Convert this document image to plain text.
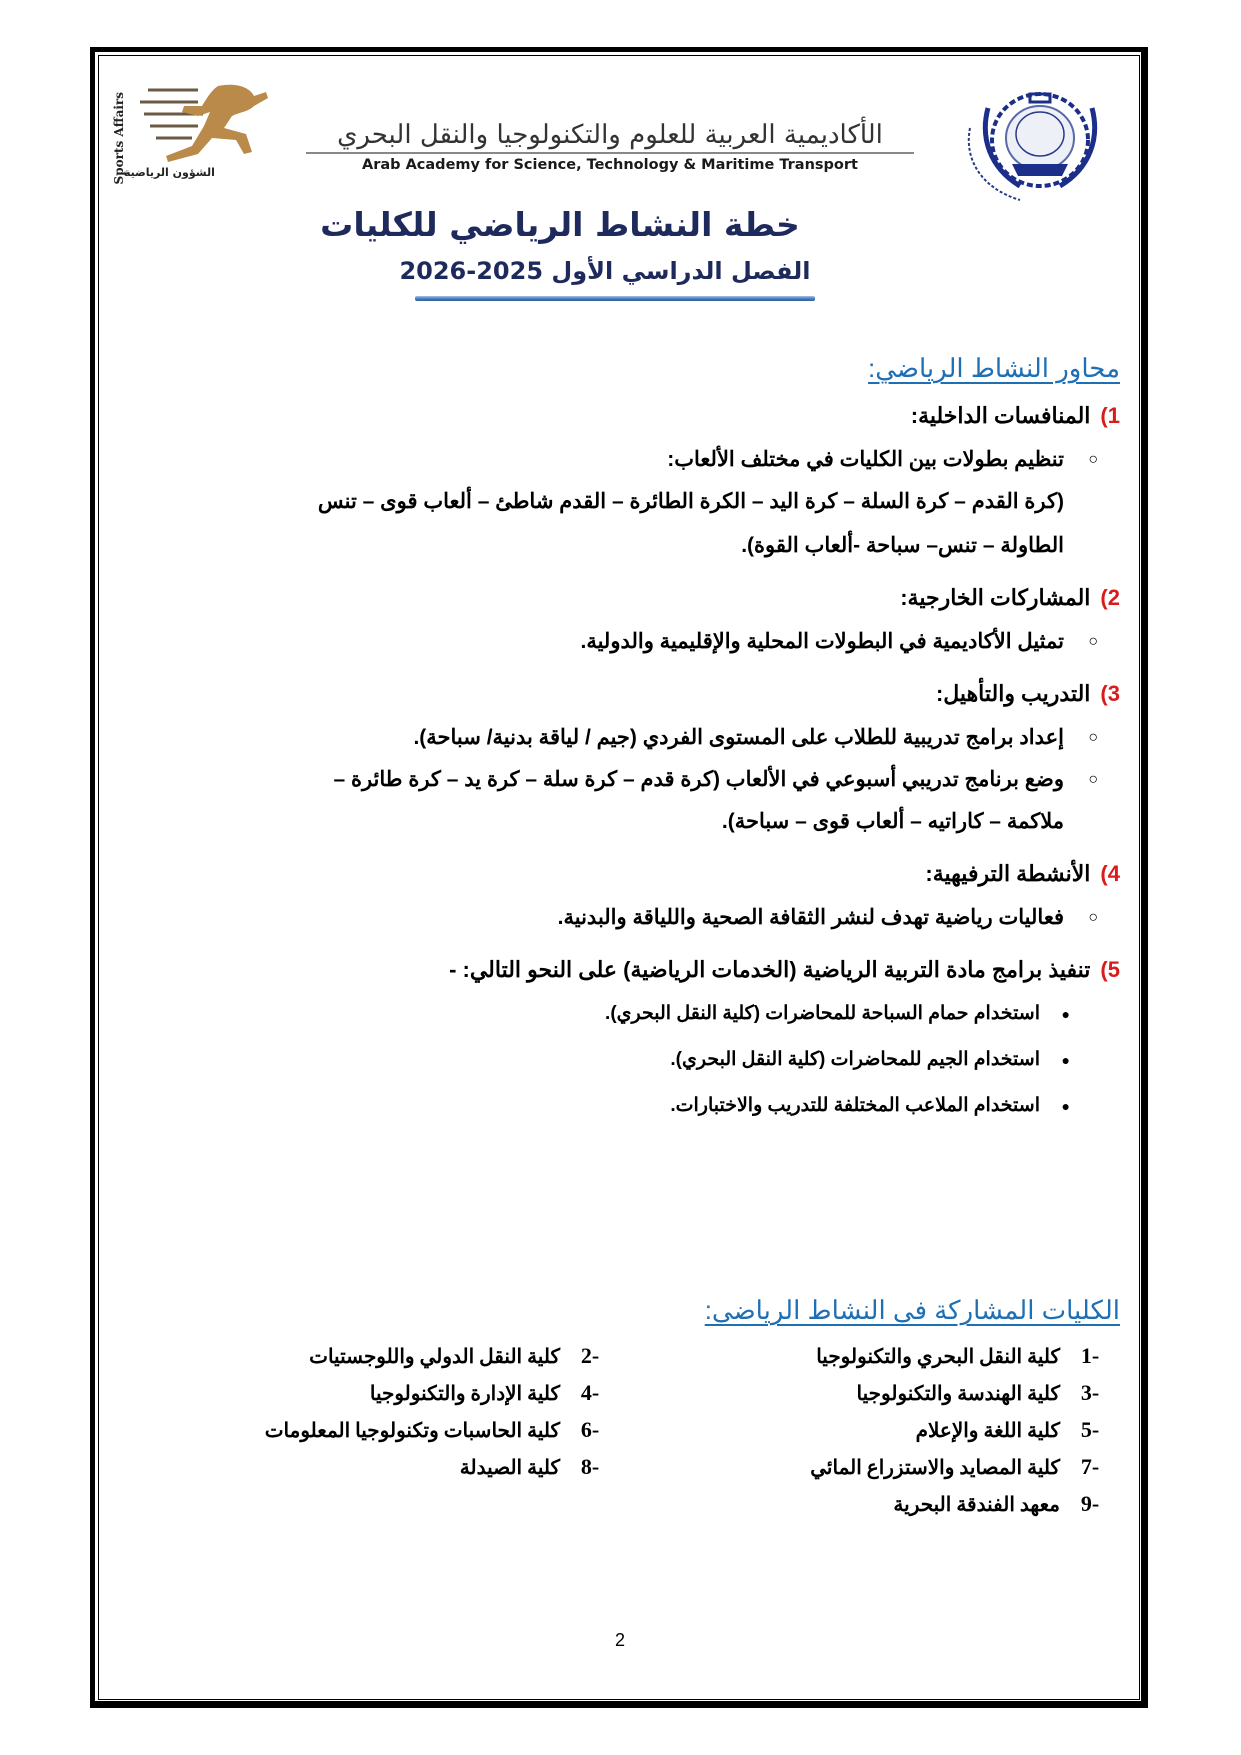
Sports Affairs
الشؤون الرياضية
الأكاديمية العربية للعلوم والتكنولوجيا والنقل البحري
Arab Academy for Science, Technology & Maritime Transport
خطة النشاط الرياضي للكليات
الفصل الدراسي الأول 2025-2026
محاور النشاط الرياضي:
1)المنافسات الداخلية:
○
تنظيم بطولات بين الكليات في مختلف الألعاب:
(كرة القدم – كرة السلة – كرة اليد – الكرة الطائرة – القدم شاطئ – ألعاب قوى – تنس
الطاولة – تنس– سباحة -ألعاب القوة).
2)المشاركات الخارجية:
○
تمثيل الأكاديمية في البطولات المحلية والإقليمية والدولية.
3)التدريب والتأهيل:
○
إعداد برامج تدريبية للطلاب على المستوى الفردي (جيم / لياقة بدنية/ سباحة).
○
وضع برنامج تدريبي أسبوعي في الألعاب (كرة قدم – كرة سلة – كرة يد – كرة طائرة –
ملاكمة – كاراتيه – ألعاب قوى – سباحة).
4)الأنشطة الترفيهية:
○
فعاليات رياضية تهدف لنشر الثقافة الصحية واللياقة والبدنية.
5)تنفيذ برامج مادة التربية الرياضية (الخدمات الرياضية) على النحو التالي: -
●
استخدام حمام السباحة للمحاضرات (كلية النقل البحري).
●
استخدام الجيم للمحاضرات (كلية النقل البحري).
●
استخدام الملاعب المختلفة للتدريب والاختبارات.
الكليات المشاركة فى النشاط الرياضى:
-1كلية النقل البحري والتكنولوجيا
-2كلية النقل الدولي واللوجستيات
-3كلية الهندسة والتكنولوجيا
-4كلية الإدارة والتكنولوجيا
-5كلية اللغة والإعلام
-6كلية الحاسبات وتكنولوجيا المعلومات
-7كلية المصايد والاستزراع المائي
-8كلية الصيدلة
-9معهد الفندقة البحرية
2
